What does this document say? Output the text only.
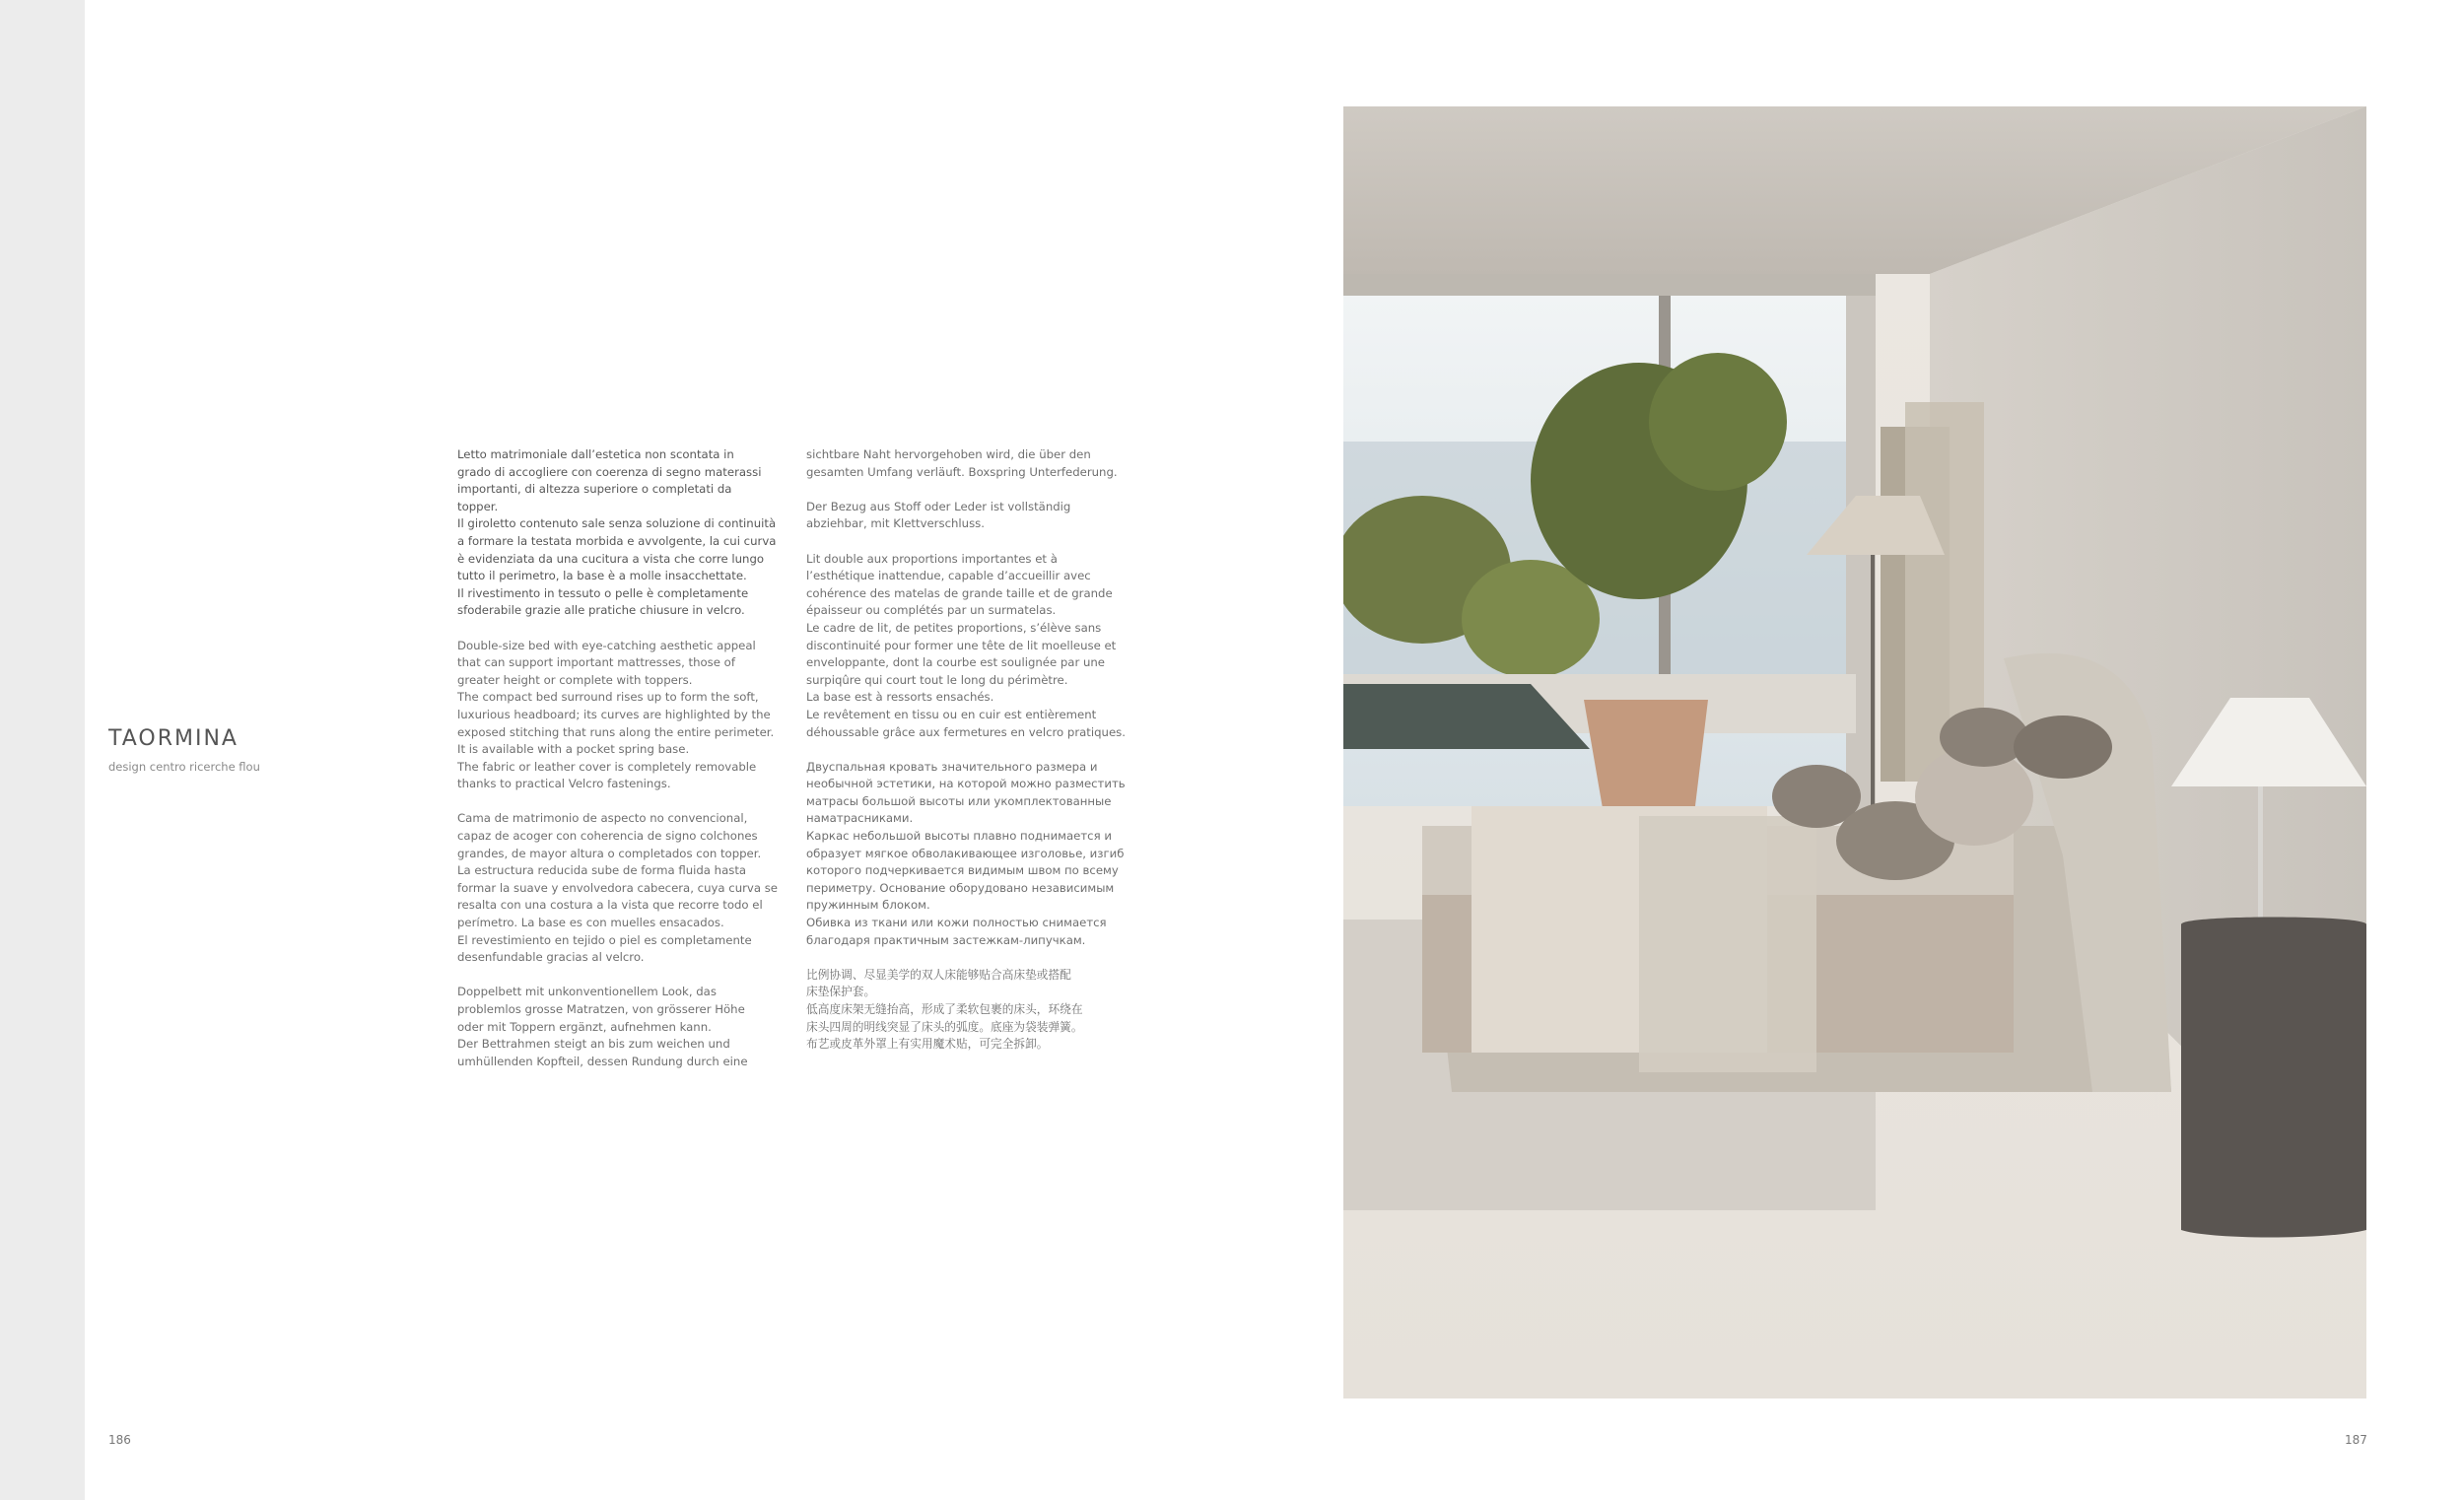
TAORMINA
design centro ricerche flou

Letto matrimoniale dall’estetica non scontata in
grado di accogliere con coerenza di segno materassi
importanti, di altezza superiore o completati da
topper.
Il giroletto contenuto sale senza soluzione di continuità
a formare la testata morbida e avvolgente, la cui curva
è evidenziata da una cucitura a vista che corre lungo
tutto il perimetro, la base è a molle insacchettate.
Il rivestimento in tessuto o pelle è completamente
sfoderabile grazie alle pratiche chiusure in velcro.

Double-size bed with eye-catching aesthetic appeal
that can support important mattresses, those of
greater height or complete with toppers.
The compact bed surround rises up to form the soft,
luxurious headboard; its curves are highlighted by the
exposed stitching that runs along the entire perimeter.
It is available with a pocket spring base.
The fabric or leather cover is completely removable
thanks to practical Velcro fastenings.

Cama de matrimonio de aspecto no convencional,
capaz de acoger con coherencia de signo colchones
grandes, de mayor altura o completados con topper.
La estructura reducida sube de forma fluida hasta
formar la suave y envolvedora cabecera, cuya curva se
resalta con una costura a la vista que recorre todo el
perímetro. La base es con muelles ensacados.
El revestimiento en tejido o piel es completamente
desenfundable gracias al velcro.

Doppelbett mit unkonventionellem Look, das
problemlos grosse Matratzen, von grösserer Höhe
oder mit Toppern ergänzt, aufnehmen kann.
Der Bettrahmen steigt an bis zum weichen und
umhüllenden Kopfteil, dessen Rundung durch eine

sichtbare Naht hervorgehoben wird, die über den
gesamten Umfang verläuft. Boxspring Unterfederung.

Der Bezug aus Stoff oder Leder ist vollständig
abziehbar, mit Klettverschluss.

Lit double aux proportions importantes et à
l’esthétique inattendue, capable d’accueillir avec
cohérence des matelas de grande taille et de grande
épaisseur ou complétés par un surmatelas.
Le cadre de lit, de petites proportions, s’élève sans
discontinuité pour former une tête de lit moelleuse et
enveloppante, dont la courbe est soulignée par une
surpiqûre qui court tout le long du périmètre.
La base est à ressorts ensachés.
Le revêtement en tissu ou en cuir est entièrement
déhoussable grâce aux fermetures en velcro pratiques.

Двуспальная кровать значительного размера и
необычной эстетики, на которой можно разместить
матрасы большой высоты или укомплектованные
наматрасниками.
Каркас небольшой высоты плавно поднимается и
образует мягкое обволакивающее изголовье, изгиб
которого подчеркивается видимым швом по всему
периметру. Основание оборудовано независимым
пружинным блоком.
Обивка из ткани или кожи полностью снимается
благодаря практичным застежкам-липучкам.

比例协调、尽显美学的双人床能够贴合高床垫或搭配
床垫保护套。
低高度床架无缝抬高，形成了柔软包裹的床头，环绕在
床头四周的明线突显了床头的弧度。底座为袋装弹簧。
布艺或皮革外罩上有实用魔术贴，可完全拆卸。

186	187
